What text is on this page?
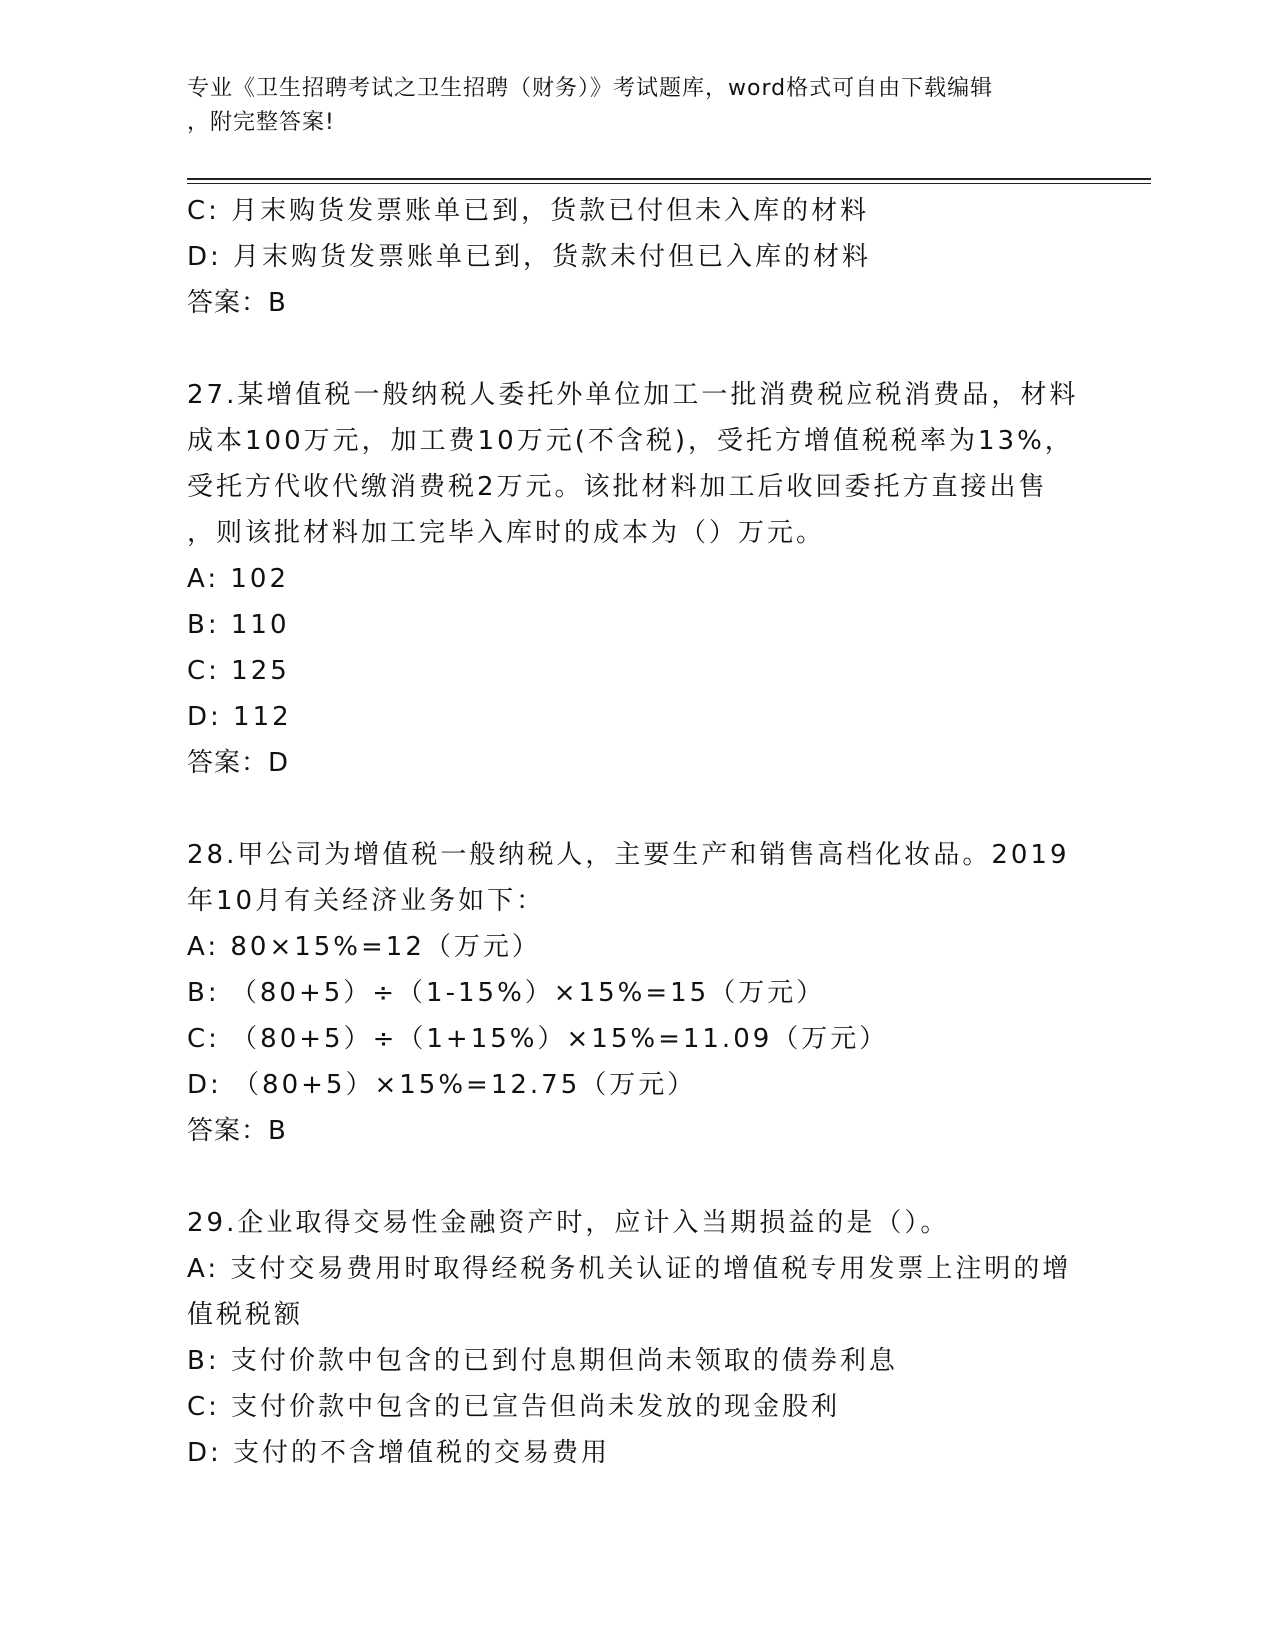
专业《卫生招聘考试之卫生招聘（财务）》考试题库，word格式可自由下载编辑
，附完整答案!
C: 月末购货发票账单已到，货款已付但未入库的材料
D: 月末购货发票账单已到，货款未付但已入库的材料
答案：B
27.某增值税一般纳税人委托外单位加工一批消费税应税消费品，材料
成本100万元，加工费10万元(不含税)，受托方增值税税率为13%，
受托方代收代缴消费税2万元。该批材料加工后收回委托方直接出售
，则该批材料加工完毕入库时的成本为（）万元。
A: 102
B: 110
C: 125
D: 112
答案：D
28.甲公司为增值税一般纳税人，主要生产和销售高档化妆品。2019
年10月有关经济业务如下：
A: 80×15%=12（万元）
B: （80+5）÷（1-15%）×15%=15（万元）
C: （80+5）÷（1+15%）×15%=11.09（万元）
D: （80+5）×15%=12.75（万元）
答案：B
29.企业取得交易性金融资产时，应计入当期损益的是（）。
A: 支付交易费用时取得经税务机关认证的增值税专用发票上注明的增
值税税额
B: 支付价款中包含的已到付息期但尚未领取的债券利息
C: 支付价款中包含的已宣告但尚未发放的现金股利
D: 支付的不含增值税的交易费用
